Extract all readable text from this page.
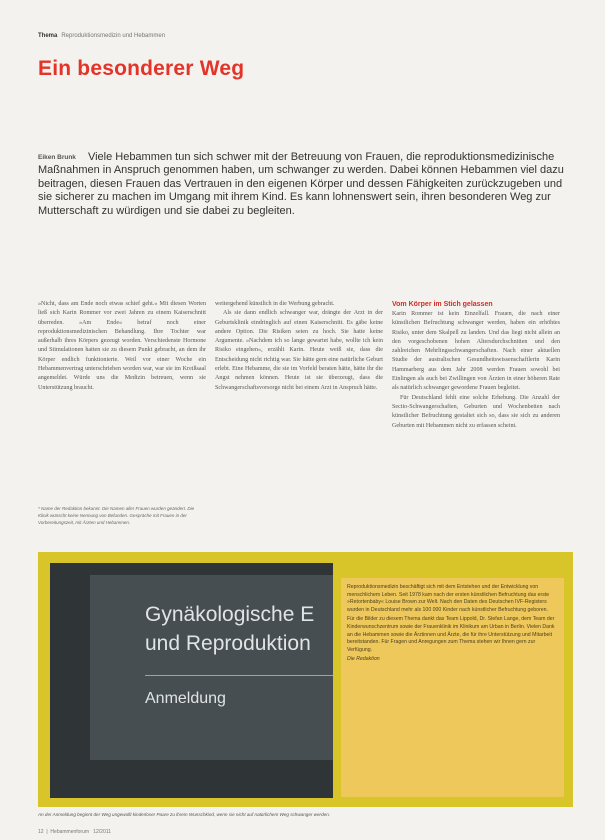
Thema Reproduktionsmedizin und Hebammen
Ein besonderer Weg
Eiken Brunk Viele Hebammen tun sich schwer mit der Betreuung von Frauen, die reproduktionsmedizinische Maßnahmen in Anspruch genommen haben, um schwanger zu werden. Dabei können Hebammen viel dazu beitragen, diesen Frauen das Vertrauen in den eigenen Körper und dessen Fähigkeiten zurückzugeben und sie sicherer zu machen im Umgang mit ihrem Kind. Es kann lohnenswert sein, ihren besonderen Weg zur Mutterschaft zu würdigen und sie dabei zu begleiten.

»Nicht, dass am Ende noch etwas schief geht.« Mit diesen Worten ließ sich Karin Rommer vor zwei Jahren zu einem Kaiserschnitt überreden. »Am Ende« betraf noch einer reproduktionsmedizinischen Behandlung. Ihre Tochter war außerhalb ihres Körpers gezeugt worden. Verschiedenste Hormone und Stimulationen hatten sie zu diesem Punkt gebracht, an dem ihr Körper endlich funktionierte. Weil vor einer Woche ein Hebammenvertrag unterschrieben worden war, war sie im Kreißsaal angemeldet. Würde uns die Medizin betreuen, wenn sie Unterstützung braucht.

* Name der Redaktion bekannt. Die Namen aller Frauen wurden geändert. Die Klinik wünscht keine Nennung von Befunden. Gespräche mit Frauen in der Vorbereitungszeit, mit Ärzten und Hebammen.

weitergehend künstlich in die Werbung gebracht.

Als sie dann endlich schwanger war, drängte der Arzt in der Geburtsklinik eindringlich auf einen Kaiserschnitt. Es gäbe keine andere Option. Die Risiken seien zu hoch. Sie hatte keine Argumente. »Nachdem ich so lange gewartet habe, wollte ich kein Risiko eingehen«, erzählt Karin. Heute weiß sie, dass die Entscheidung nicht richtig war. Sie hätte gern eine natürliche Geburt erlebt. Eine Hebamme, die sie im Vorfeld beraten hätte, hätte ihr die Angst nehmen können. Heute ist sie überzeugt, dass die Schwangerschaftsvorsorge nicht bei einem Arzt in Anspruch hätte.

Vom Körper im Stich gelassen

Karin Rommer ist kein Einzelfall. Frauen, die nach einer künstlichen Befruchtung schwanger werden, haben ein erhöhtes Risiko, unter dem Skalpell zu landen. Und das liegt nicht allein an den vorgeschobenen hohen Altersdurchschnitten und den zahlreichen Mehrlingsschwangerschaften. Nach einer aktuellen Studie der australischen Gesundheitswissenschaftlerin Karin Hammarberg aus dem Jahr 2008 werden Frauen sowohl bei Einlingen als auch bei Zwillingen von Ärzten in einer höheren Rate als natürlich schwanger gewordene Frauen begleitet.

Für Deutschland fehlt eine solche Erhebung. Die Anzahl der Sectio-Schwangerschaften, Geburten und Wochenbetten nach künstlicher Befruchtung gestaltet sich so, dass sie sich zu anderen Geburten mit Hebammen nicht zu erfassen scheint.

Gynäkologische E
und Reproduktion
Anmeldung

Reproduktionsmedizin beschäftigt sich mit dem Entstehen und der Entwicklung von menschlichem Leben. Seit 1978 kam nach der ersten künstlichen Befruchtung das erste »Retortenbaby« Louise Brown zur Welt. Nach den Daten des Deutschen IVF-Registers wurden in Deutschland mehr als 100 000 Kinder nach künstlicher Befruchtung geboren.

Für die Bilder zu diesem Thema dankt das Team Lippold, Dr. Stefan Lange, dem Team der Kinderwunschzentrum sowie der Frauenklinik im Klinikum am Urban in Berlin. Vielen Dank an die Hebammen sowie die Ärztinnen und Ärzte, die für ihre Unterstützung und Mitarbeit bereitstanden. Für Fragen und Anregungen zum Thema stehen wir Ihnen gern zur Verfügung.

Die Redaktion

An der Anmeldung beginnt der Weg ungewollt kinderloser Paare zu ihrem Wunschkind, wenn sie nicht auf natürlichem Weg schwanger werden.
12  |  Hebammenforum 12/2011
